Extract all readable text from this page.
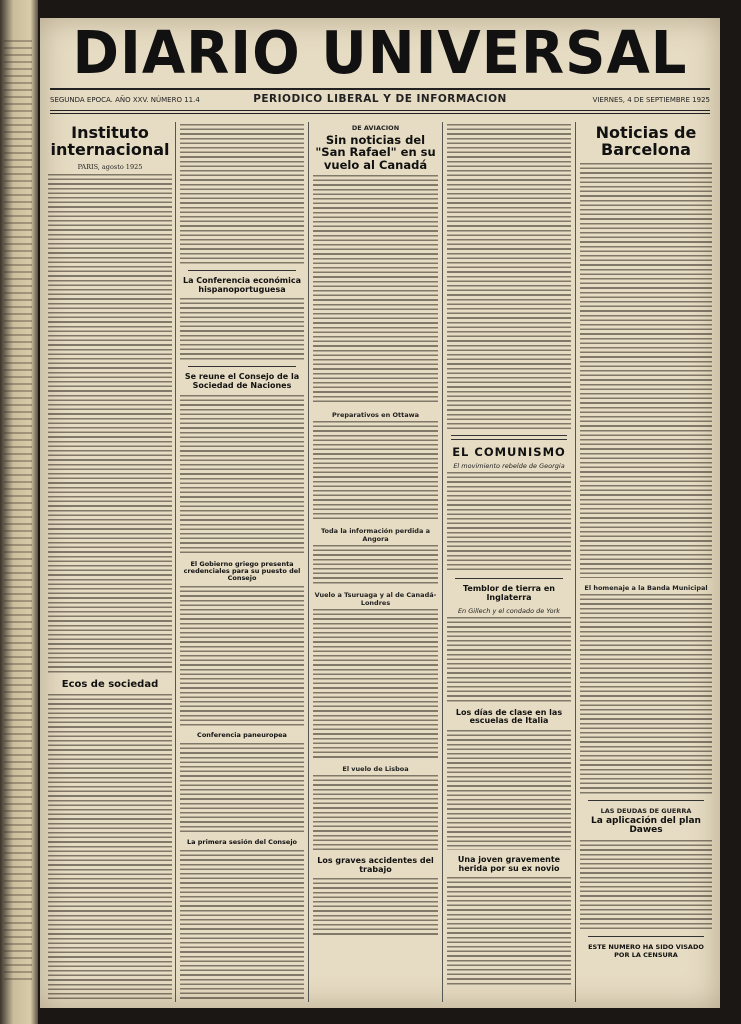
DIARIO UNIVERSAL
SEGUNDA EPOCA. AÑO XXV. NÚMERO 11.4	PERIODICO LIBERAL Y DE INFORMACION	VIERNES, 4 DE SEPTIEMBRE 1925
Instituto internacional
PARIS, agosto 1925
Ecos de sociedad
La Conferencia económica hispanoportuguesa
Se reune el Consejo de la Sociedad de Naciones
El Gobierno griego presenta credenciales para su puesto del Consejo
Conferencia paneuropea
La primera sesión del Consejo
DE AVIACION
Sin noticias del "San Rafael" en su vuelo al Canadá
Preparativos en Ottawa
Toda la información perdida a Angora
Vuelo a Tsuruaga y al de Canadá-Londres
El vuelo de Lisboa
Los graves accidentes del trabajo
EL COMUNISMO
El movimiento rebelde de Georgia
Temblor de tierra en Inglaterra
En Gillech y el condado de York
Los días de clase en las escuelas de Italia
Una joven gravemente herida por su ex novio
Noticias de Barcelona
El homenaje a la Banda Municipal
LAS DEUDAS DE GUERRA
La aplicación del plan Dawes
ESTE NUMERO HA SIDO VISADO POR LA CENSURA
